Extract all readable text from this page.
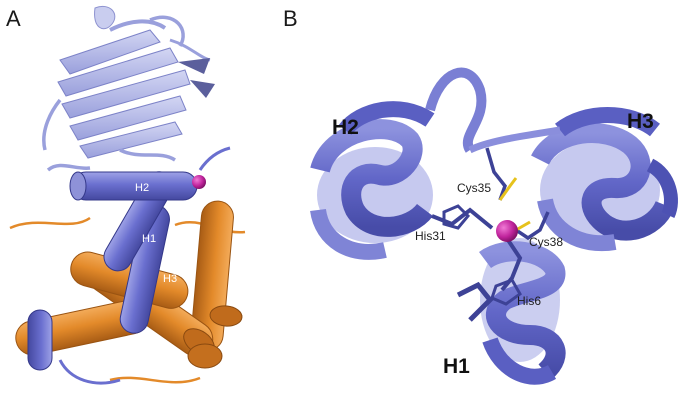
A
H2
H1
H3
B
H2	H3
H1
Cys35
His31	Cys38
His6
